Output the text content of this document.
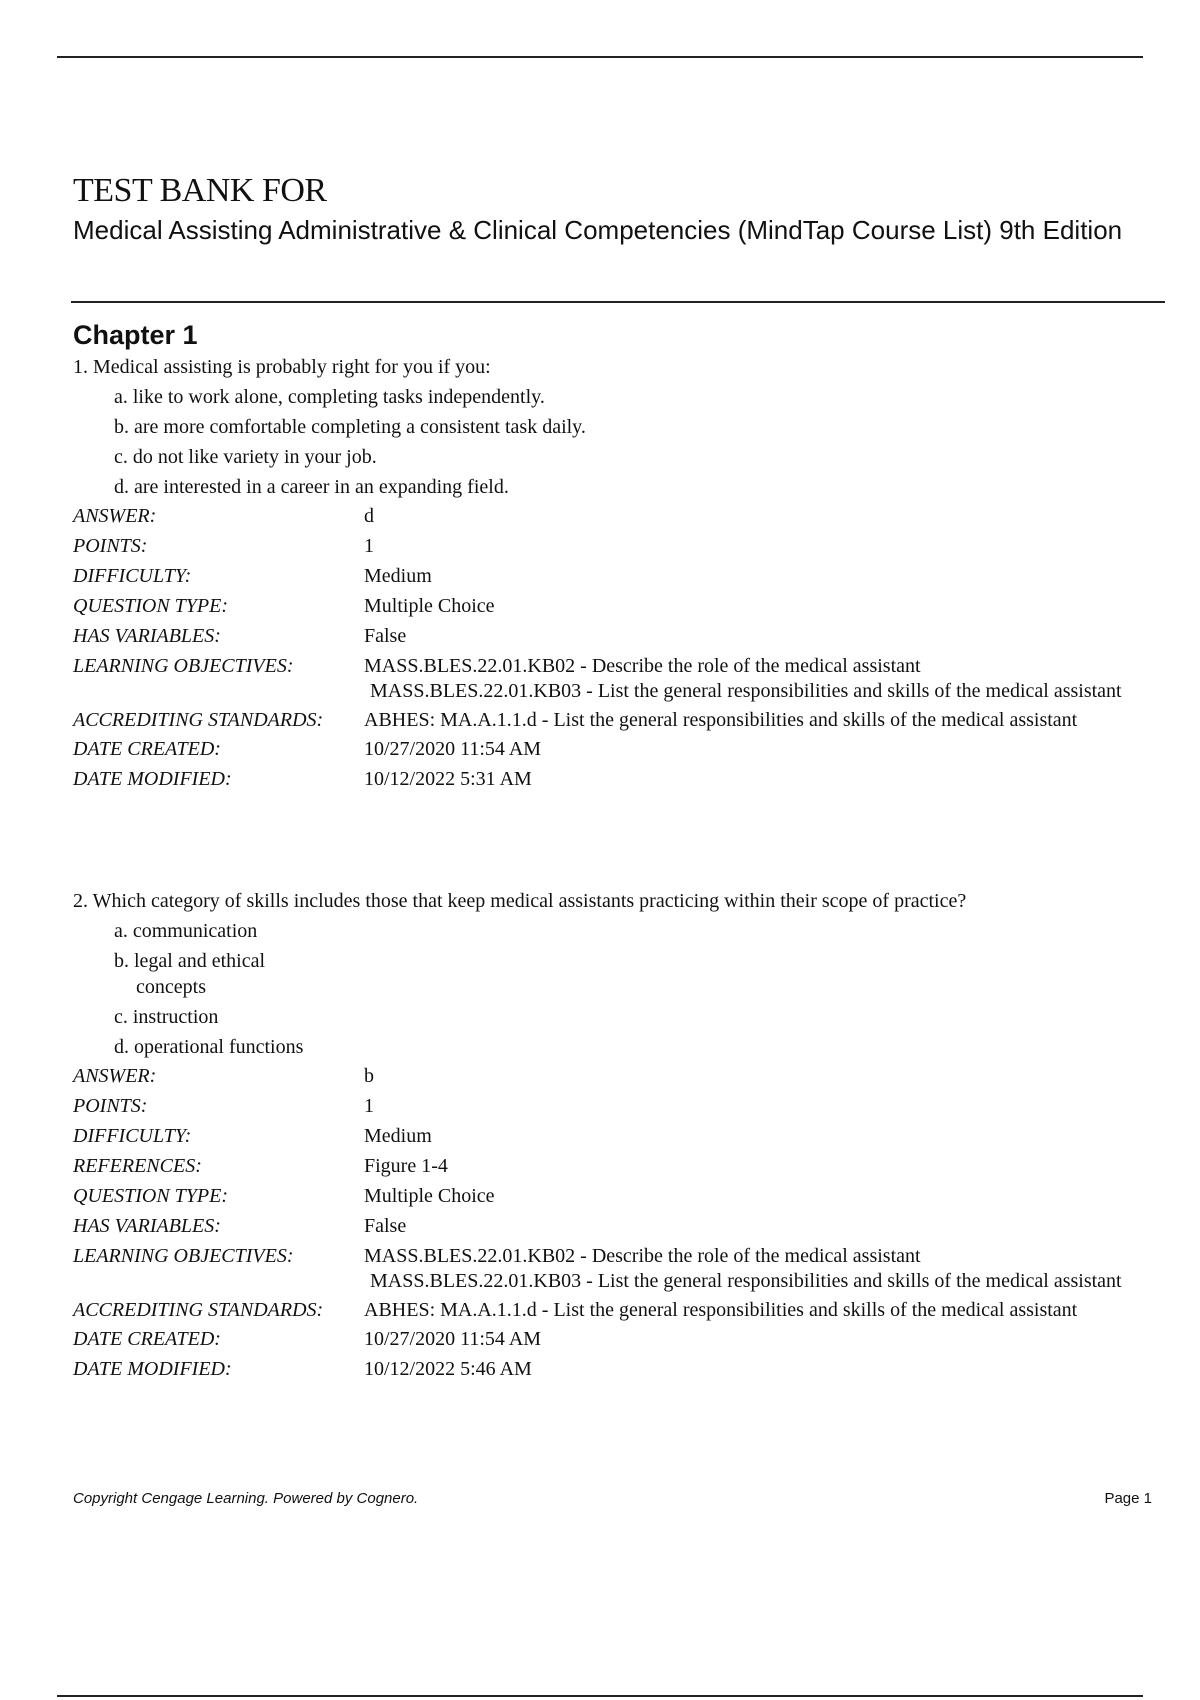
TEST BANK FOR

Medical Assisting Administrative & Clinical Competencies (MindTap Course List) 9th Edition

Chapter 1
1. Medical assisting is probably right for you if you:
a. like to work alone, completing tasks independently.
b. are more comfortable completing a consistent task daily.
c. do not like variety in your job.
d. are interested in a career in an expanding field.
ANSWER:	d
POINTS:	1
DIFFICULTY:	Medium
QUESTION TYPE:	Multiple Choice
HAS VARIABLES:	False
LEARNING OBJECTIVES:	MASS.BLES.22.01.KB02 - Describe the role of the medical assistant
MASS.BLES.22.01.KB03 - List the general responsibilities and skills of the medical assistant
ACCREDITING STANDARDS:	ABHES: MA.A.1.1.d - List the general responsibilities and skills of the medical assistant
DATE CREATED:	10/27/2020 11:54 AM
DATE MODIFIED:	10/12/2022 5:31 AM
2. Which category of skills includes those that keep medical assistants practicing within their scope of practice?
a. communication
b. legal and ethical concepts
c. instruction
d. operational functions
ANSWER:	b
POINTS:	1
DIFFICULTY:	Medium
REFERENCES:	Figure 1-4
QUESTION TYPE:	Multiple Choice
HAS VARIABLES:	False
LEARNING OBJECTIVES:	MASS.BLES.22.01.KB02 - Describe the role of the medical assistant
MASS.BLES.22.01.KB03 - List the general responsibilities and skills of the medical assistant
ACCREDITING STANDARDS:	ABHES: MA.A.1.1.d - List the general responsibilities and skills of the medical assistant
DATE CREATED:	10/27/2020 11:54 AM
DATE MODIFIED:	10/12/2022 5:46 AM
Copyright Cengage Learning. Powered by Cognero.	Page 1
